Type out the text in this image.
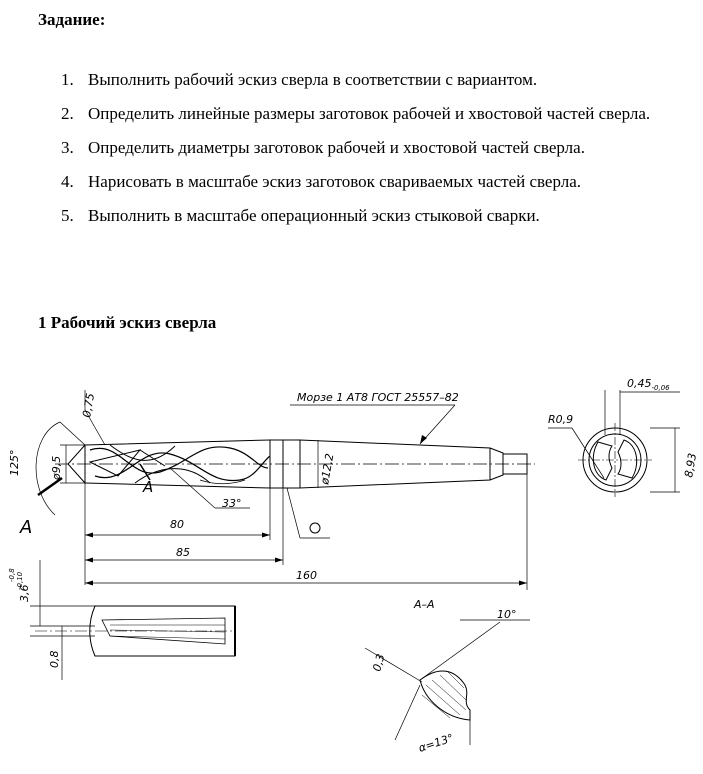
Задание:
1. Выполнить рабочий эскиз сверла в соответствии с вариантом.
2. Определить линейные размеры заготовок рабочей и хвостовой частей сверла.
3. Определить диаметры заготовок рабочей и хвостовой частей сверла.
4. Нарисовать в масштабе эскиз заготовок свариваемых частей сверла.
5. Выполнить в масштабе операционный эскиз стыковой сварки.
1 Рабочий эскиз сверла
Морзе 1 АТ8 ГОСТ 25557–82
0,75
125°	ø9,5	ø12,2
33°
80
85
160
A
A
$0,45_{-0,06}$
R0,9
8,93
3,6
-0,8 -0,10
0,8
А–А
10°
0,3
α=13°
